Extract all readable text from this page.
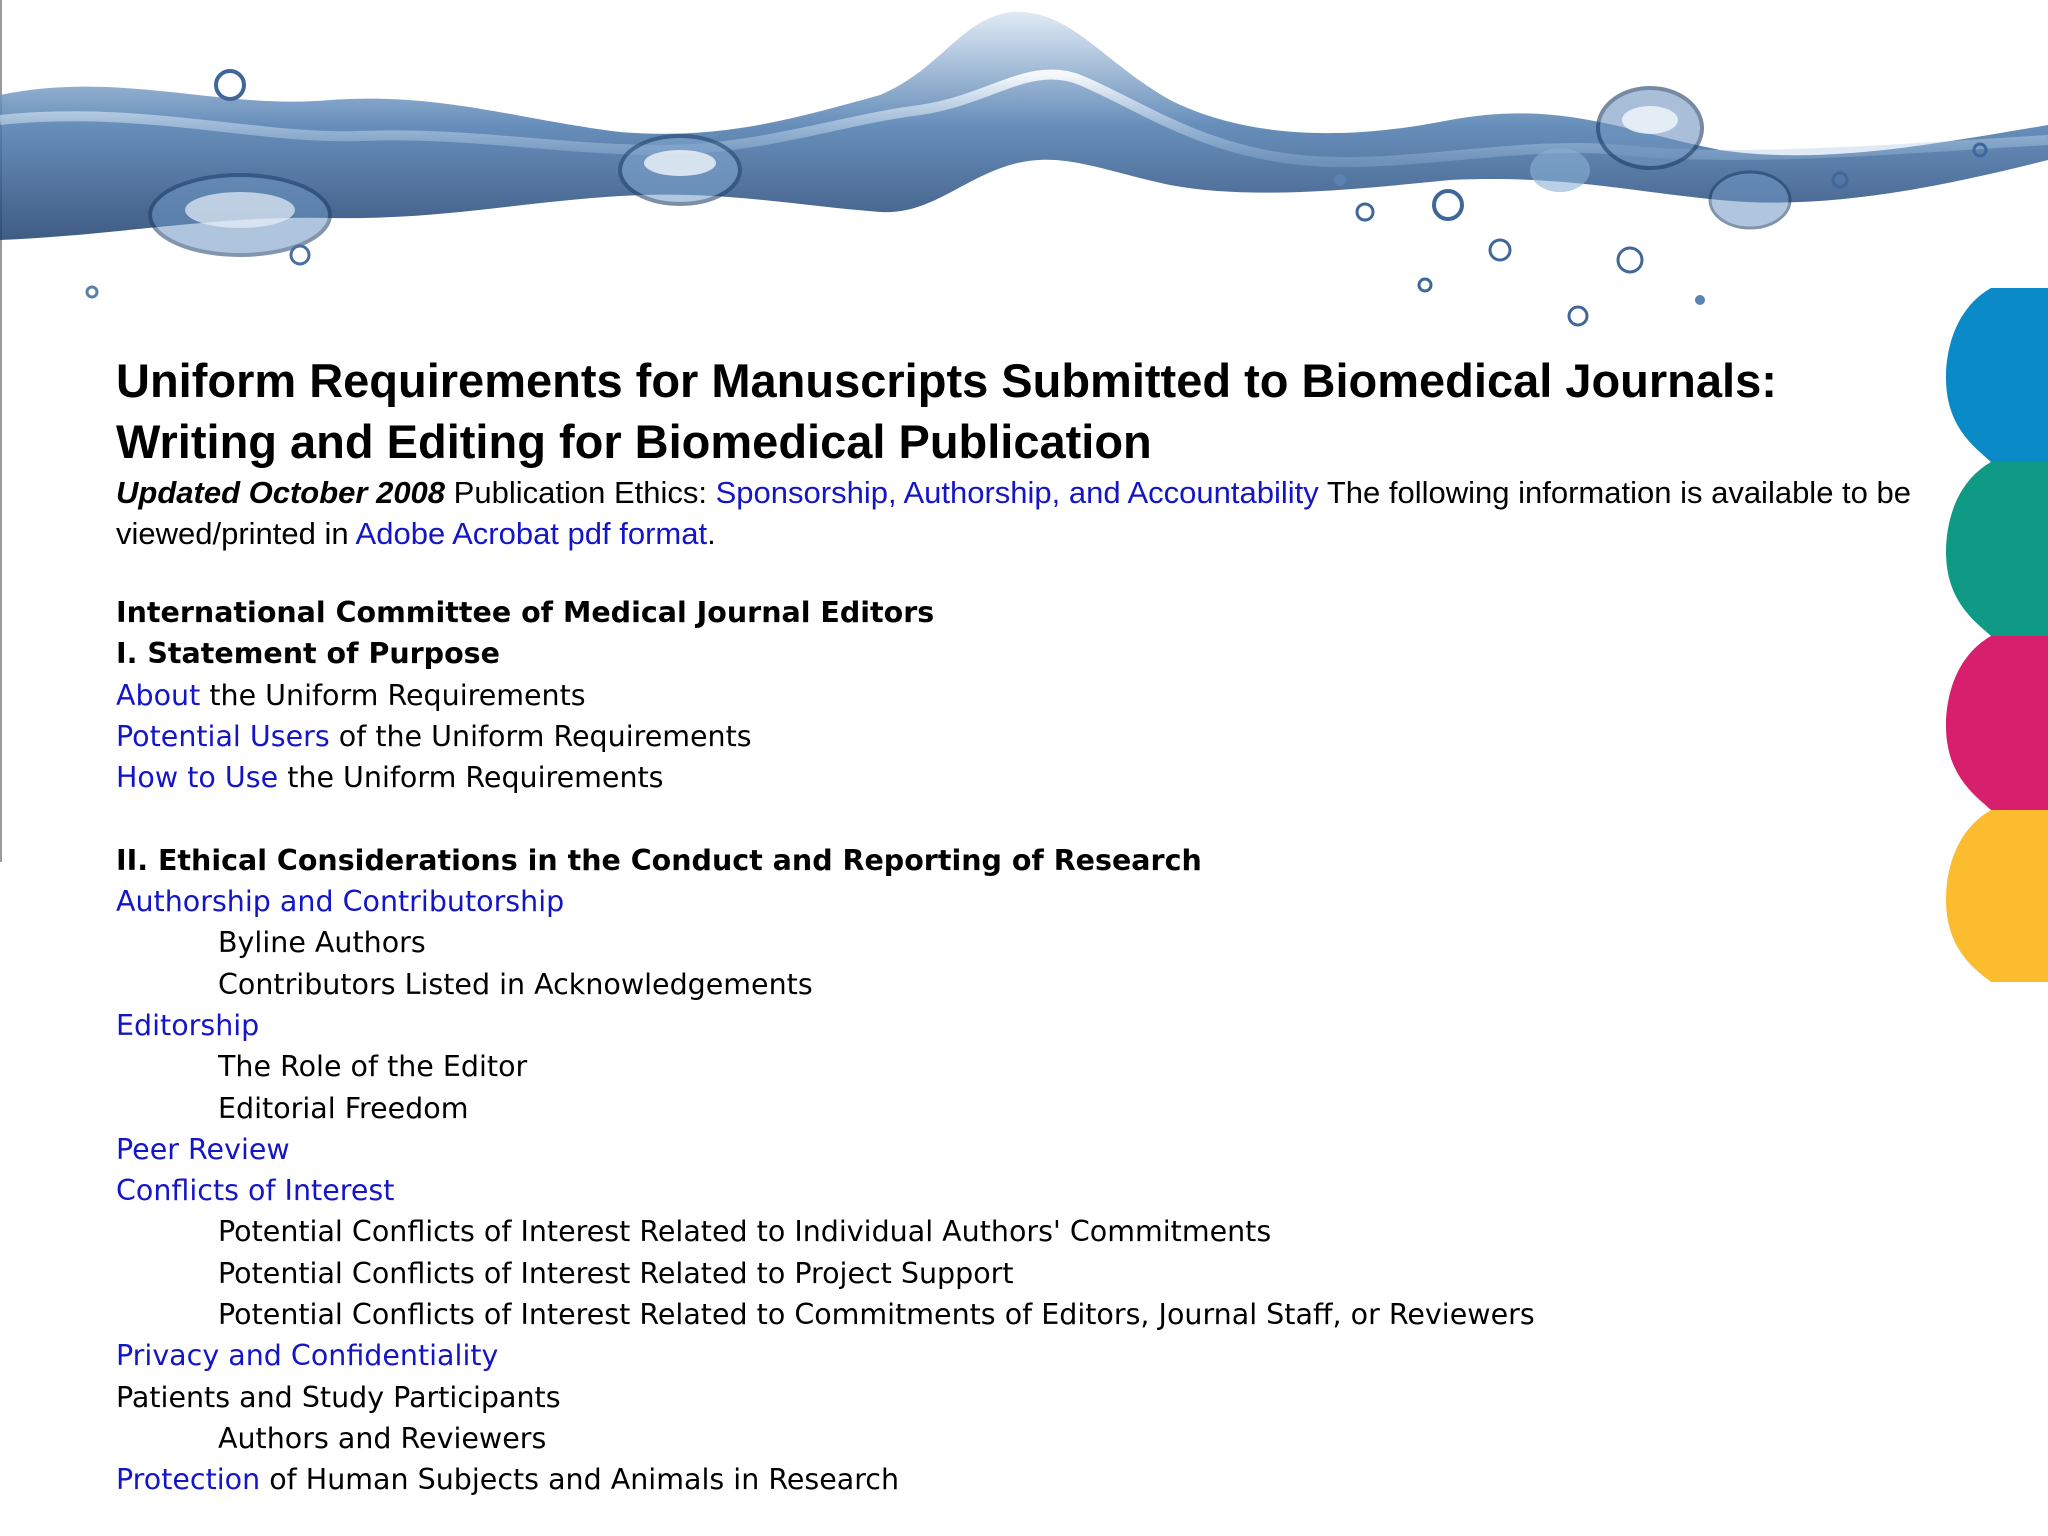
Uniform Requirements for Manuscripts Submitted to Biomedical Journals:
Writing and Editing for Biomedical Publication

Updated October 2008 Publication Ethics: Sponsorship, Authorship, and Accountability The following information is available to be viewed/printed in Adobe Acrobat pdf format.

International Committee of Medical Journal Editors
I. Statement of Purpose
About the Uniform Requirements
Potential Users of the Uniform Requirements
How to Use the Uniform Requirements
II. Ethical Considerations in the Conduct and Reporting of Research
Authorship and Contributorship
Byline Authors
Contributors Listed in Acknowledgements
Editorship
The Role of the Editor
Editorial Freedom
Peer Review
Conflicts of Interest
Potential Conflicts of Interest Related to Individual Authors' Commitments
Potential Conflicts of Interest Related to Project Support
Potential Conflicts of Interest Related to Commitments of Editors, Journal Staff, or Reviewers
Privacy and Confidentiality
Patients and Study Participants
Authors and Reviewers
Protection of Human Subjects and Animals in Research
